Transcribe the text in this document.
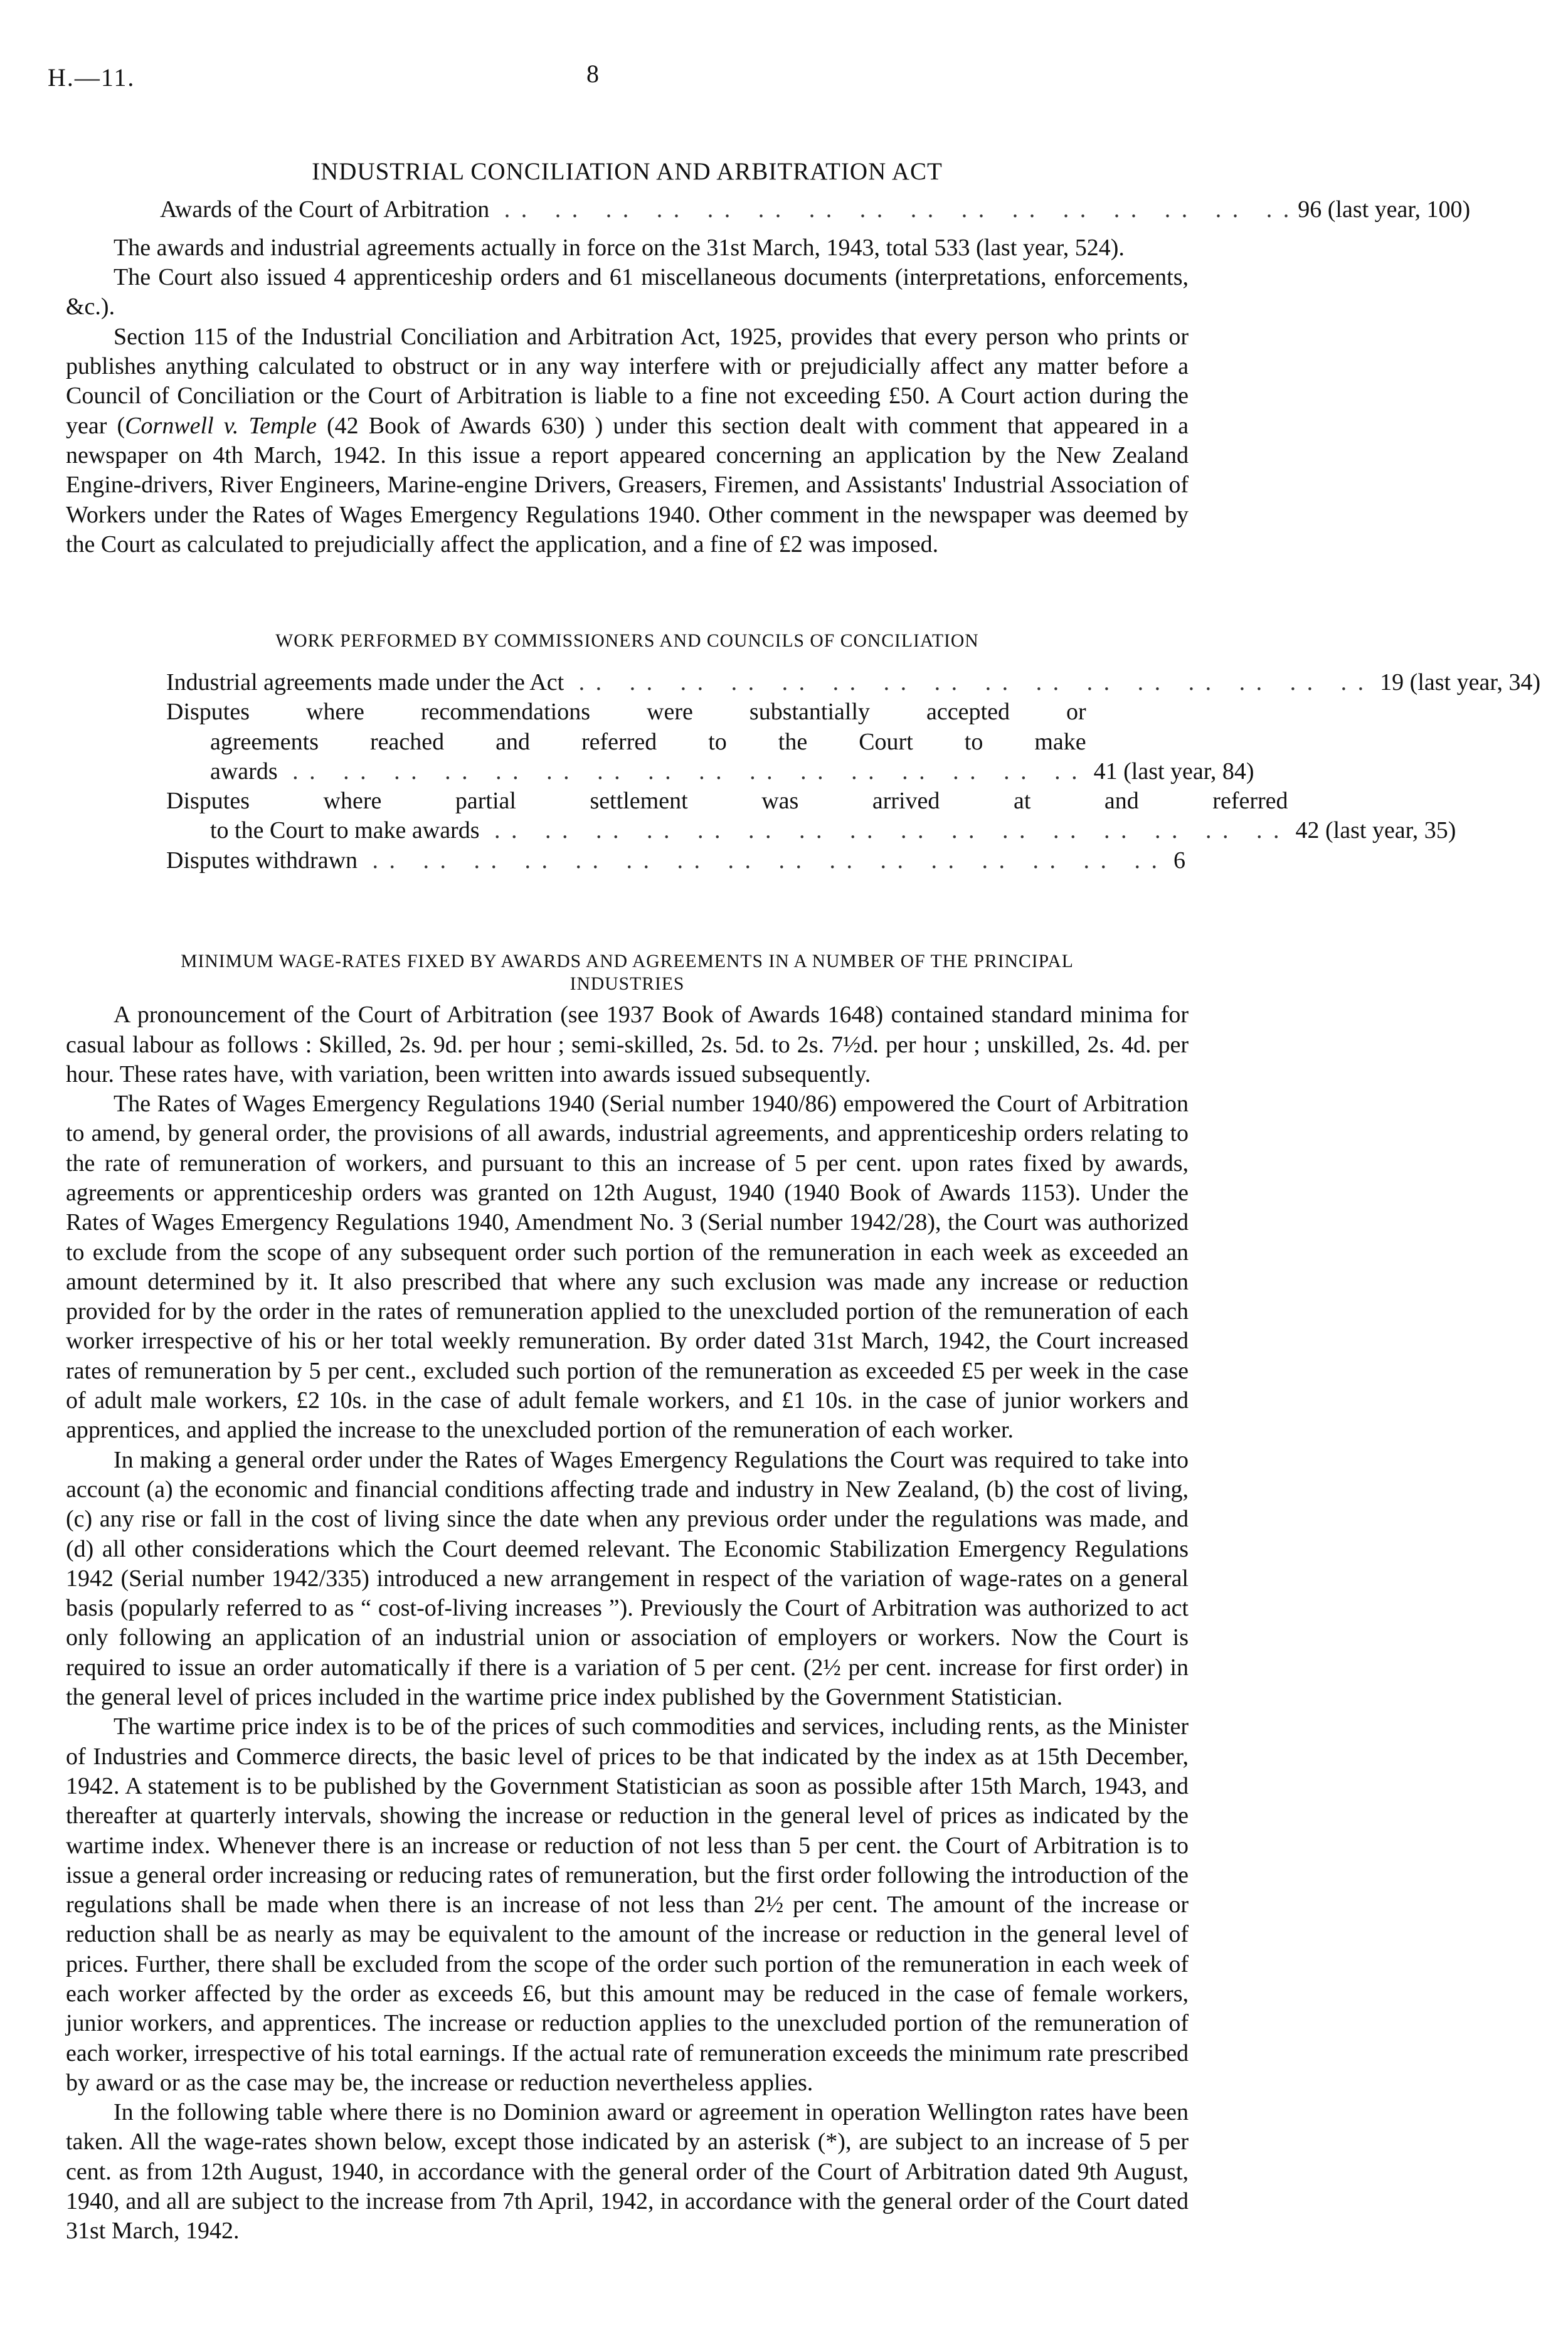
H.—11.	8
INDUSTRIAL CONCILIATION AND ARBITRATION ACT
Awards of the Court of Arbitration . .	96 (last year, 100)

The awards and industrial agreements actually in force on the 31st March, 1943, total 533 (last year, 524).

The Court also issued 4 apprenticeship orders and 61 miscellaneous documents (interpretations, enforcements, &c.).

Section 115 of the Industrial Conciliation and Arbitration Act, 1925, provides that every person who prints or publishes anything calculated to obstruct or in any way interfere with or prejudicially affect any matter before a Council of Conciliation or the Court of Arbitration is liable to a fine not exceeding £50. A Court action during the year (Cornwell v. Temple (42 Book of Awards 630) ) under this section dealt with comment that appeared in a newspaper on 4th March, 1942. In this issue a report appeared concerning an application by the New Zealand Engine-drivers, River Engineers, Marine-engine Drivers, Greasers, Firemen, and Assistants' Industrial Association of Workers under the Rates of Wages Emergency Regulations 1940. Other comment in the newspaper was deemed by the Court as calculated to prejudicially affect the application, and a fine of £2 was imposed.

WORK PERFORMED BY COMMISSIONERS AND COUNCILS OF CONCILIATION
Industrial agreements made under the Act . .	19 (last year, 34)
Disputes where recommendations were substantially accepted or
agreements reached and referred to the Court to make
awards . .	41 (last year, 84)
Disputes where partial settlement was arrived at and referred
to the Court to make awards . .	42 (last year, 35)
Disputes withdrawn . .	6
MINIMUM WAGE-RATES FIXED BY AWARDS AND AGREEMENTS IN A NUMBER OF THE PRINCIPAL
INDUSTRIES

A pronouncement of the Court of Arbitration (see 1937 Book of Awards 1648) contained standard minima for casual labour as follows : Skilled, 2s. 9d. per hour ; semi-skilled, 2s. 5d. to 2s. 7½d. per hour ; unskilled, 2s. 4d. per hour. These rates have, with variation, been written into awards issued subsequently.

The Rates of Wages Emergency Regulations 1940 (Serial number 1940/86) empowered the Court of Arbitration to amend, by general order, the provisions of all awards, industrial agreements, and apprenticeship orders relating to the rate of remuneration of workers, and pursuant to this an increase of 5 per cent. upon rates fixed by awards, agreements or apprenticeship orders was granted on 12th August, 1940 (1940 Book of Awards 1153). Under the Rates of Wages Emergency Regulations 1940, Amendment No. 3 (Serial number 1942/28), the Court was authorized to exclude from the scope of any subsequent order such portion of the remuneration in each week as exceeded an amount determined by it. It also prescribed that where any such exclusion was made any increase or reduction provided for by the order in the rates of remuneration applied to the unexcluded portion of the remuneration of each worker irrespective of his or her total weekly remuneration. By order dated 31st March, 1942, the Court increased rates of remuneration by 5 per cent., excluded such portion of the remuneration as exceeded £5 per week in the case of adult male workers, £2 10s. in the case of adult female workers, and £1 10s. in the case of junior workers and apprentices, and applied the increase to the unexcluded portion of the remuneration of each worker.

In making a general order under the Rates of Wages Emergency Regulations the Court was required to take into account (a) the economic and financial conditions affecting trade and industry in New Zealand, (b) the cost of living, (c) any rise or fall in the cost of living since the date when any previous order under the regulations was made, and (d) all other considerations which the Court deemed relevant. The Economic Stabilization Emergency Regulations 1942 (Serial number 1942/335) introduced a new arrangement in respect of the variation of wage-rates on a general basis (popularly referred to as “ cost-of-living increases ”). Previously the Court of Arbitration was authorized to act only following an application of an industrial union or association of employers or workers. Now the Court is required to issue an order automatically if there is a variation of 5 per cent. (2½ per cent. increase for first order) in the general level of prices included in the wartime price index published by the Government Statistician.

The wartime price index is to be of the prices of such commodities and services, including rents, as the Minister of Industries and Commerce directs, the basic level of prices to be that indicated by the index as at 15th December, 1942. A statement is to be published by the Government Statistician as soon as possible after 15th March, 1943, and thereafter at quarterly intervals, showing the increase or reduction in the general level of prices as indicated by the wartime index. Whenever there is an increase or reduction of not less than 5 per cent. the Court of Arbitration is to issue a general order increasing or reducing rates of remuneration, but the first order following the introduction of the regulations shall be made when there is an increase of not less than 2½ per cent. The amount of the increase or reduction shall be as nearly as may be equivalent to the amount of the increase or reduction in the general level of prices. Further, there shall be excluded from the scope of the order such portion of the remuneration in each week of each worker affected by the order as exceeds £6, but this amount may be reduced in the case of female workers, junior workers, and apprentices. The increase or reduction applies to the unexcluded portion of the remuneration of each worker, irrespective of his total earnings. If the actual rate of remuneration exceeds the minimum rate prescribed by award or as the case may be, the increase or reduction nevertheless applies.

In the following table where there is no Dominion award or agreement in operation Wellington rates have been taken. All the wage-rates shown below, except those indicated by an asterisk (*), are subject to an increase of 5 per cent. as from 12th August, 1940, in accordance with the general order of the Court of Arbitration dated 9th August, 1940, and all are subject to the increase from 7th April, 1942, in accordance with the general order of the Court dated 31st March, 1942.
